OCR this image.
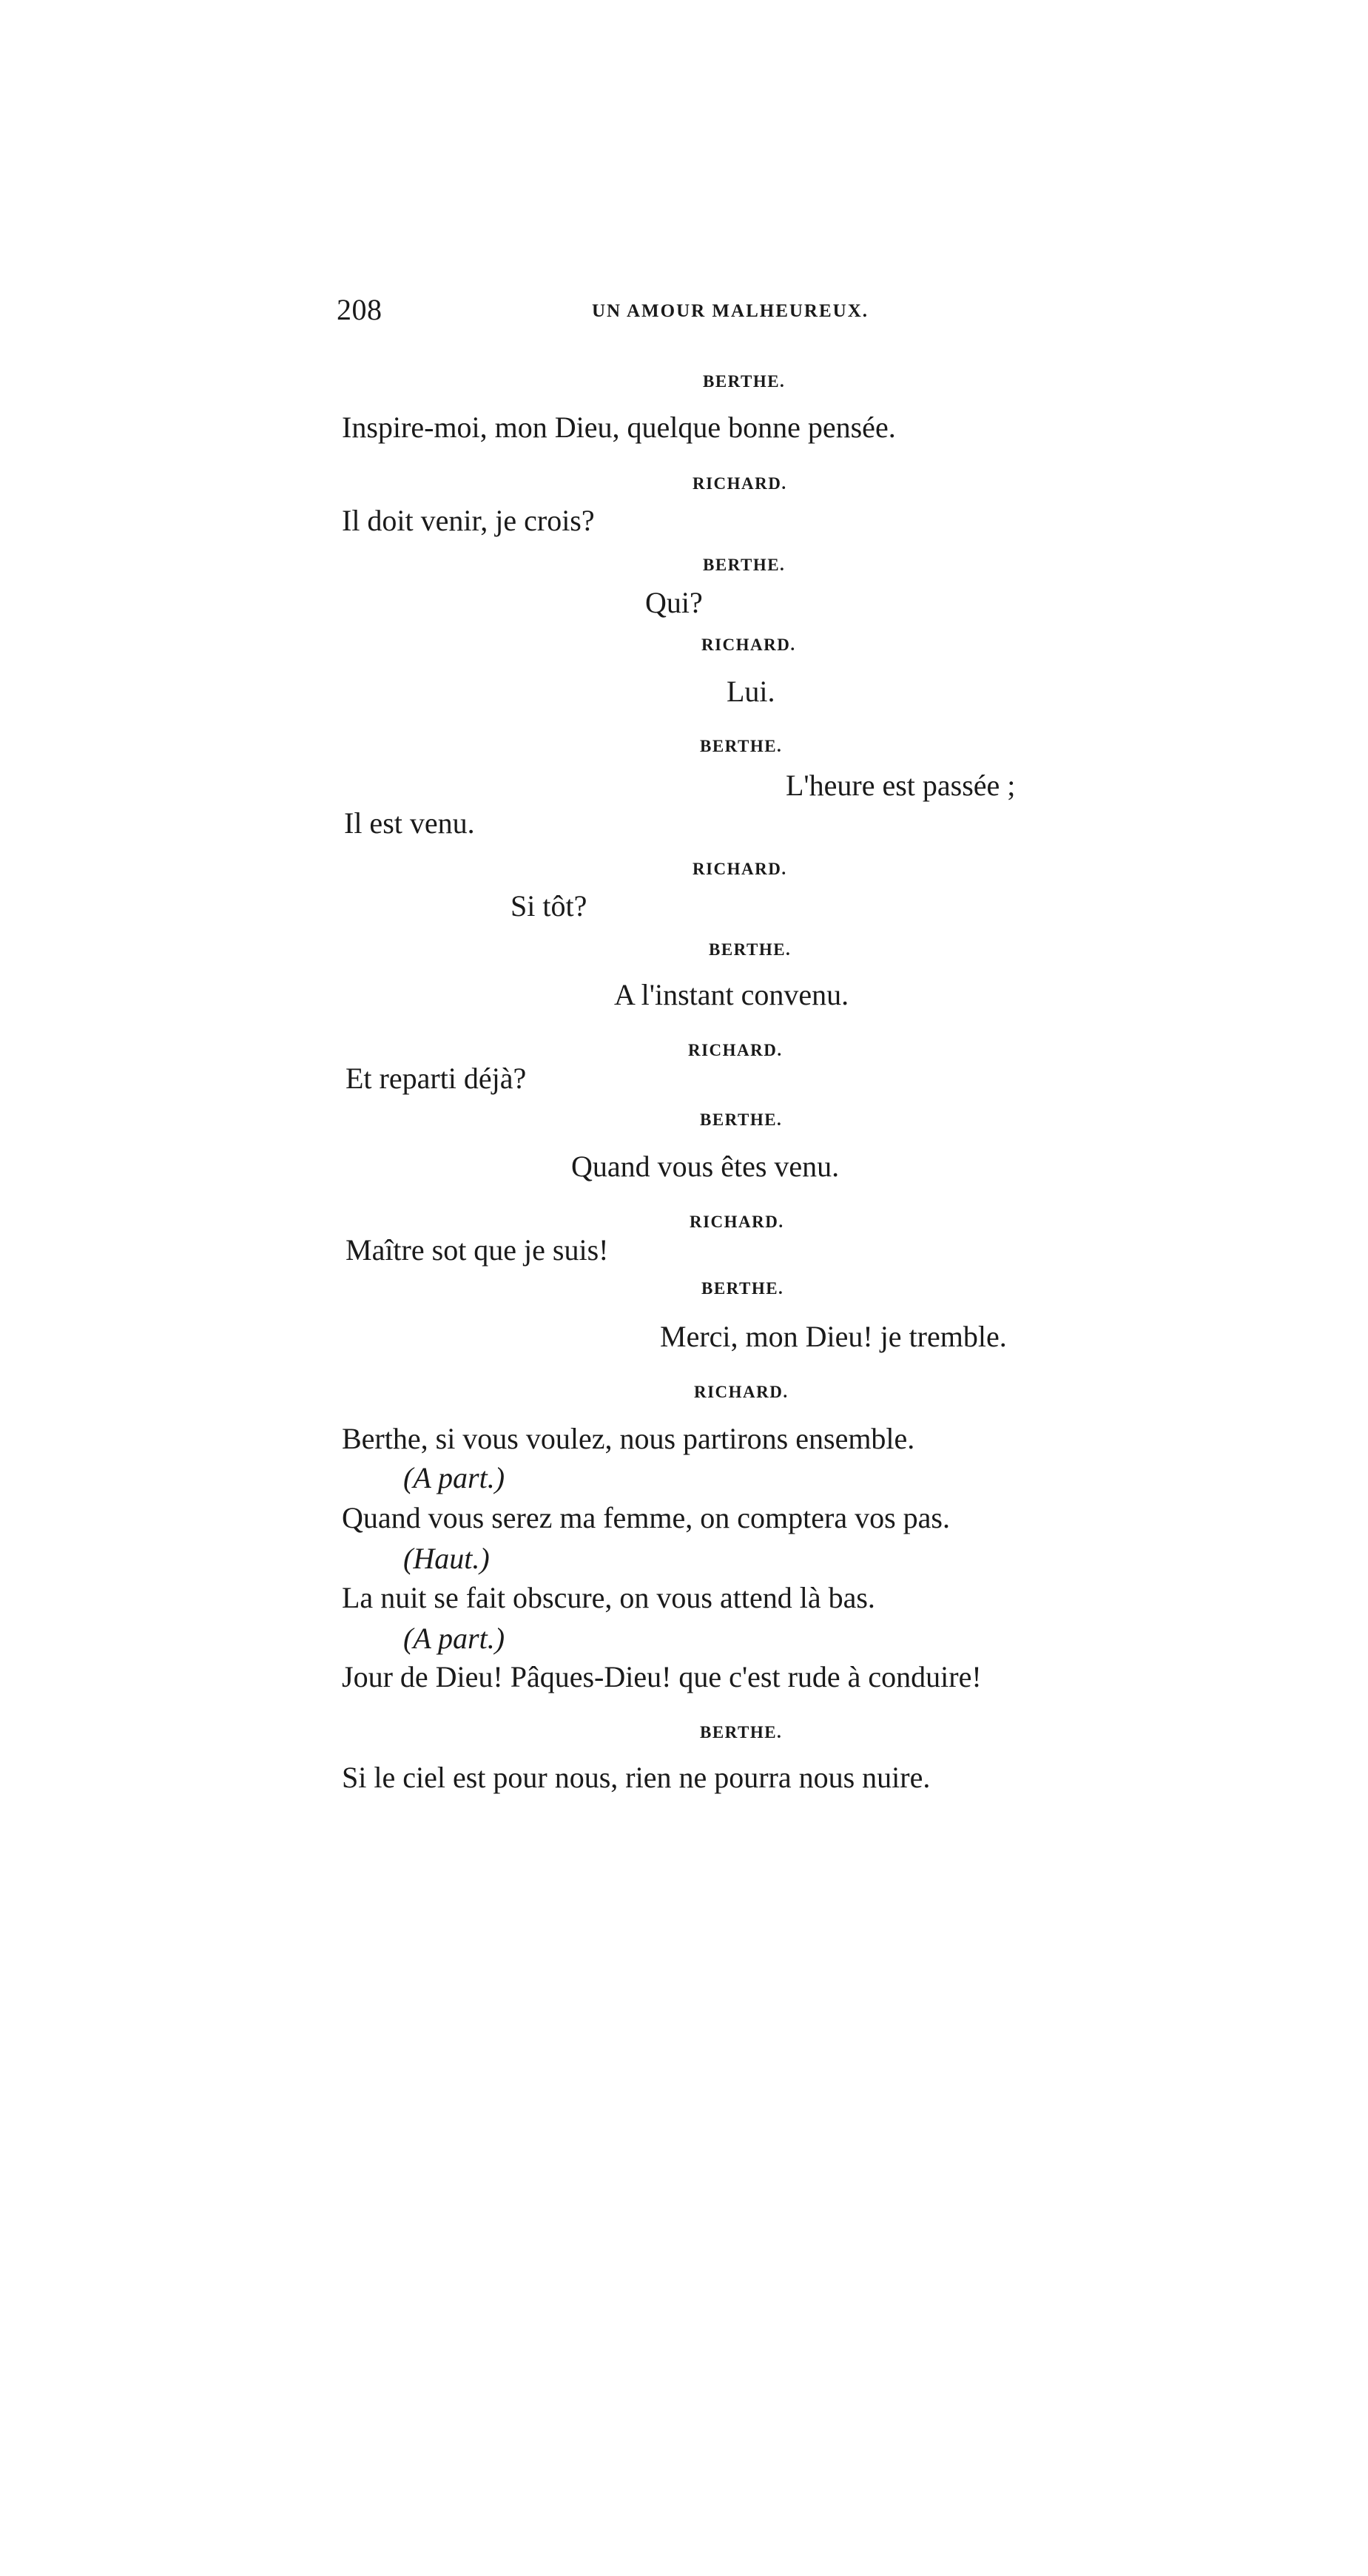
208	UN AMOUR MALHEUREUX.
BERTHE.
Inspire-moi, mon Dieu, quelque bonne pensée.
RICHARD.
Il doit venir, je crois?
BERTHE.
Qui?
RICHARD.
Lui.
BERTHE.
L'heure est passée ;
Il est venu.
RICHARD.
Si tôt?
BERTHE.
A l'instant convenu.
RICHARD.
Et reparti déjà?
BERTHE.
Quand vous êtes venu.
RICHARD.
Maître sot que je suis!
BERTHE.
Merci, mon Dieu! je tremble.
RICHARD.
Berthe, si vous voulez, nous partirons ensemble.
(A part.)
Quand vous serez ma femme, on comptera vos pas.
(Haut.)
La nuit se fait obscure, on vous attend là bas.
(A part.)
Jour de Dieu! Pâques-Dieu! que c'est rude à conduire!
BERTHE.
Si le ciel est pour nous, rien ne pourra nous nuire.
